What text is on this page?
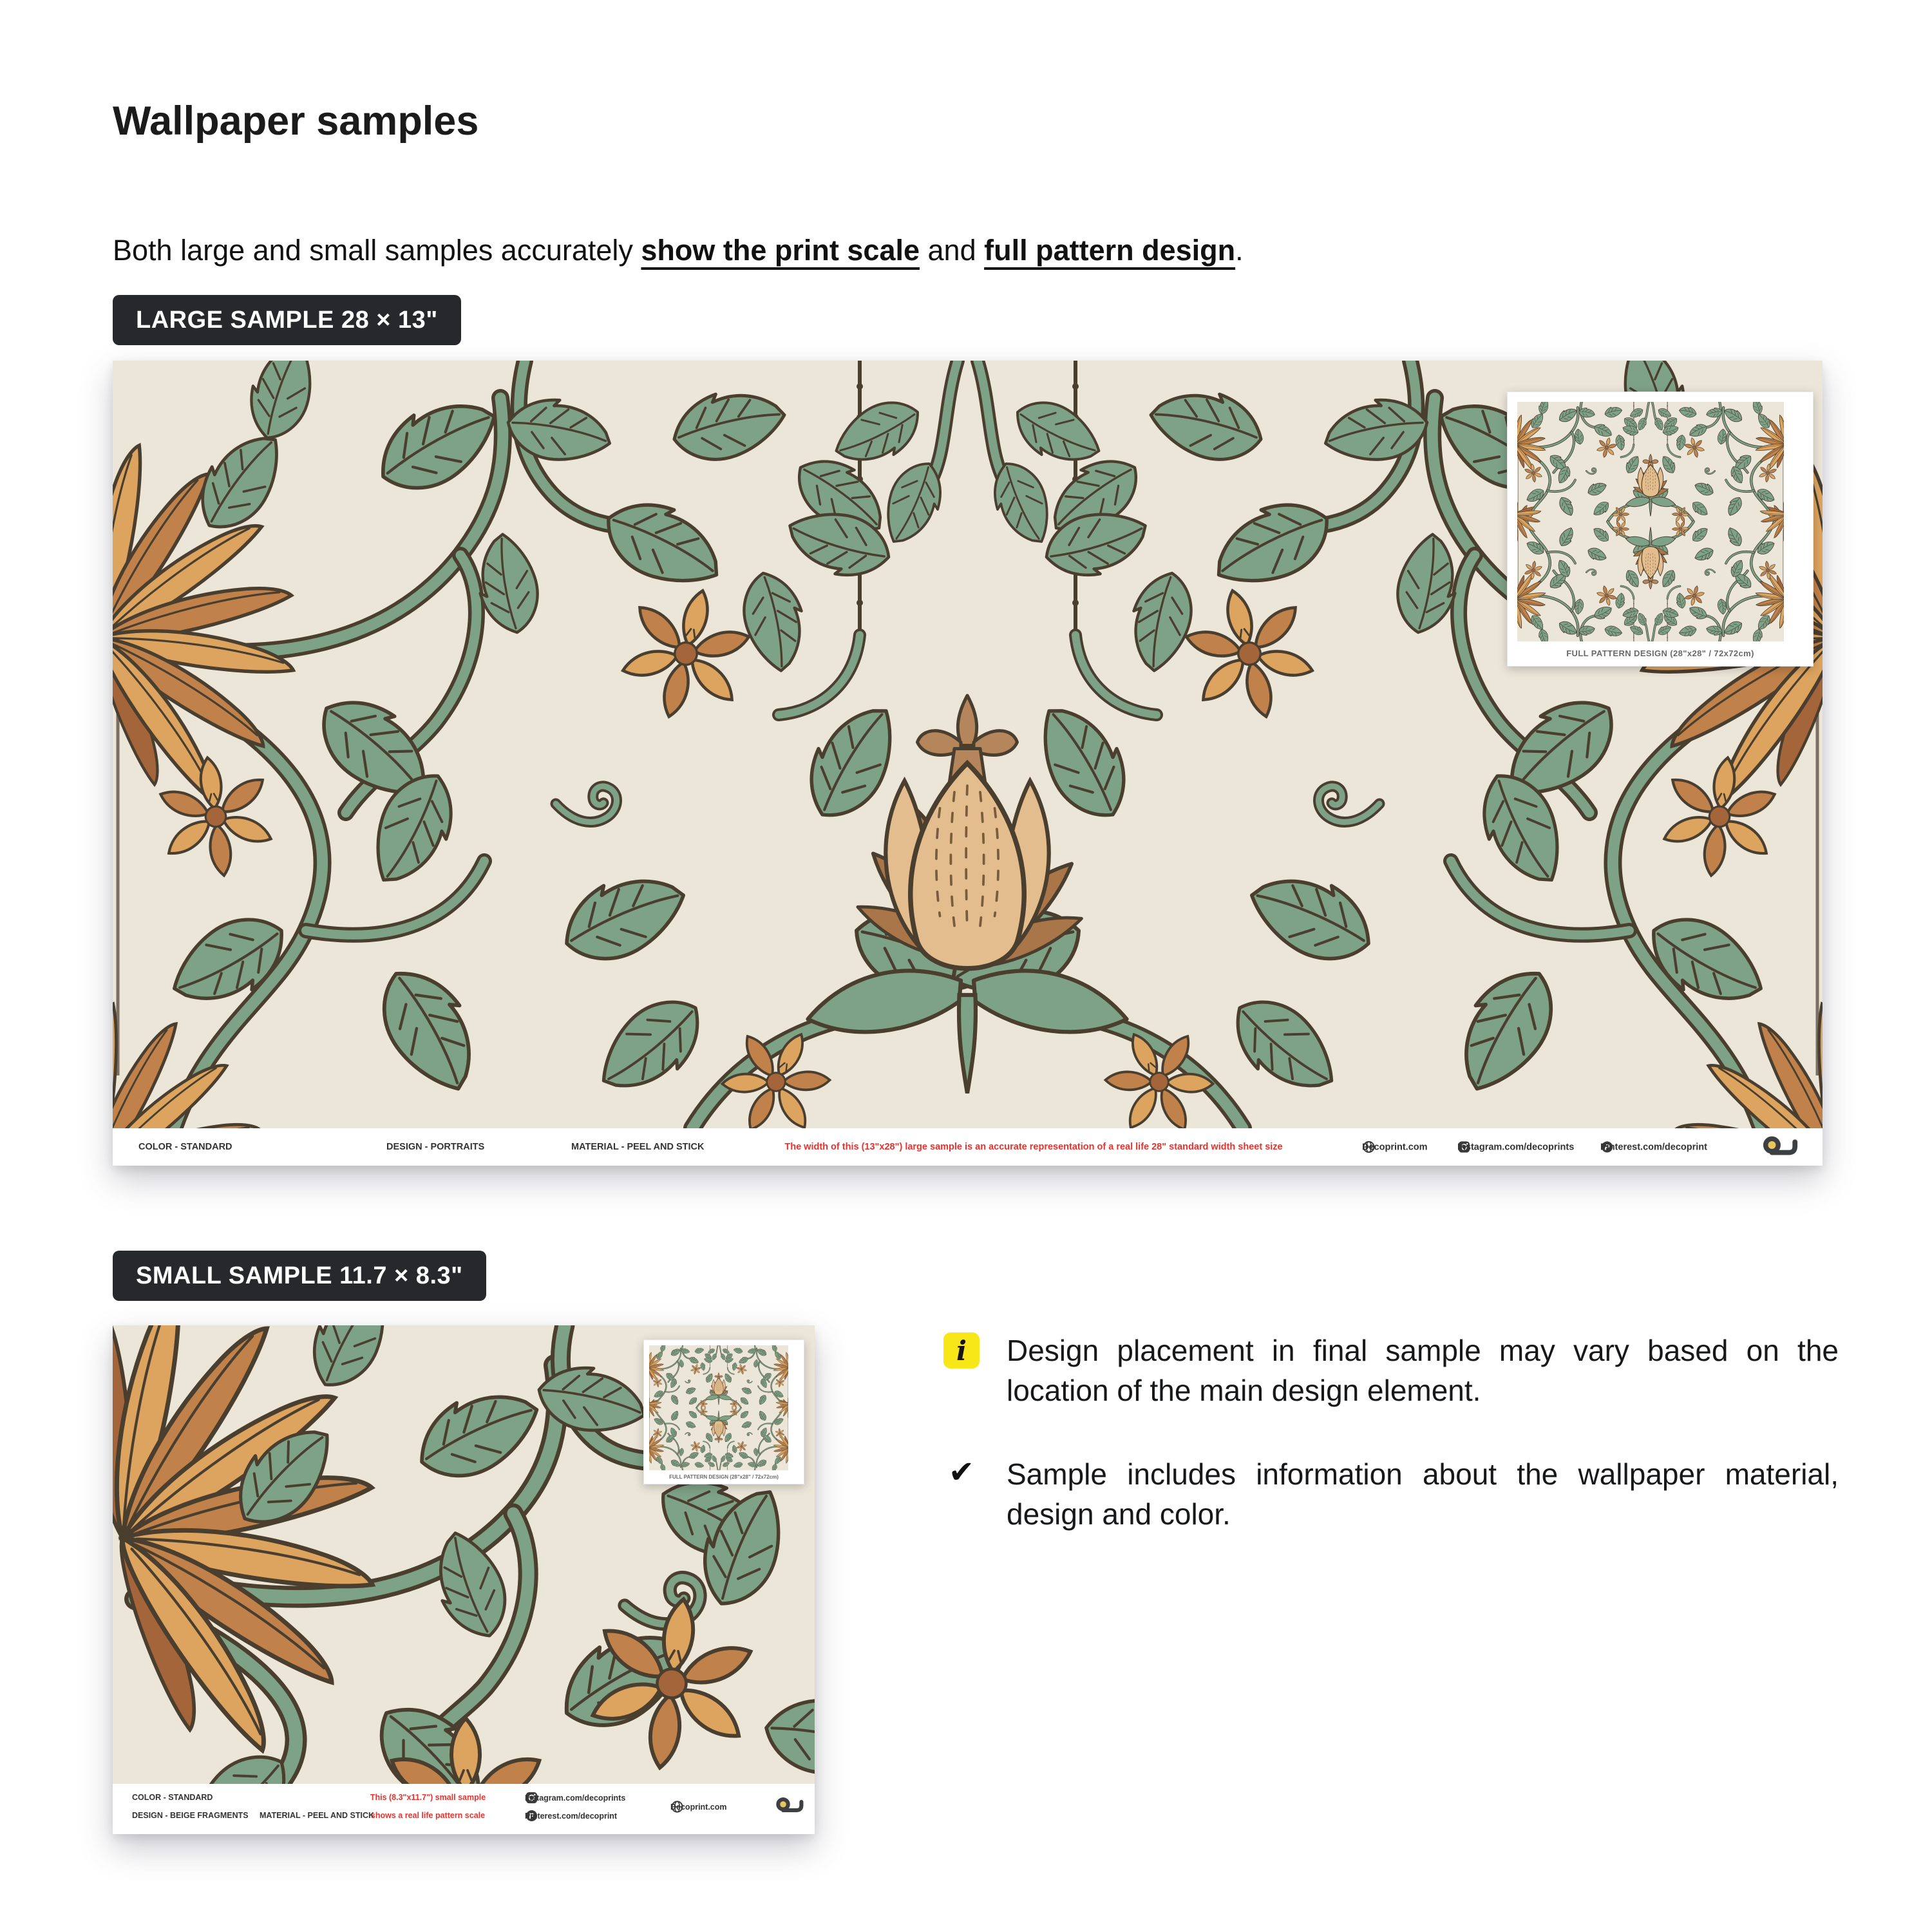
Wallpaper samples

Both large and small samples accurately show the print scale and full pattern design.

LARGE SAMPLE 28 × 13"
FULL PATTERN DESIGN (28"x28" / 72x72cm)
COLOR - STANDARD	DESIGN - PORTRAITS	MATERIAL - PEEL AND STICK	The width of this (13"x28") large sample is an accurate representation of a real life 28" standard width sheet size	Decoprint.com	Instagram.com/decoprints	Pinterest.com/decoprint
SMALL SAMPLE 11.7 × 8.3"
FULL PATTERN DESIGN (28"x28" / 72x72cm)
COLOR - STANDARD
DESIGN - BEIGE FRAGMENTS MATERIAL - PEEL AND STICK
This (8.3"x11.7") small sample
shows a real life pattern scale
Instagram.com/decoprints
Pinterest.com/decoprint
Decoprint.com
i	Design placement in final sample may vary based on the location of the main design element.
✔ Sample includes information about the wallpaper material, design and color.
